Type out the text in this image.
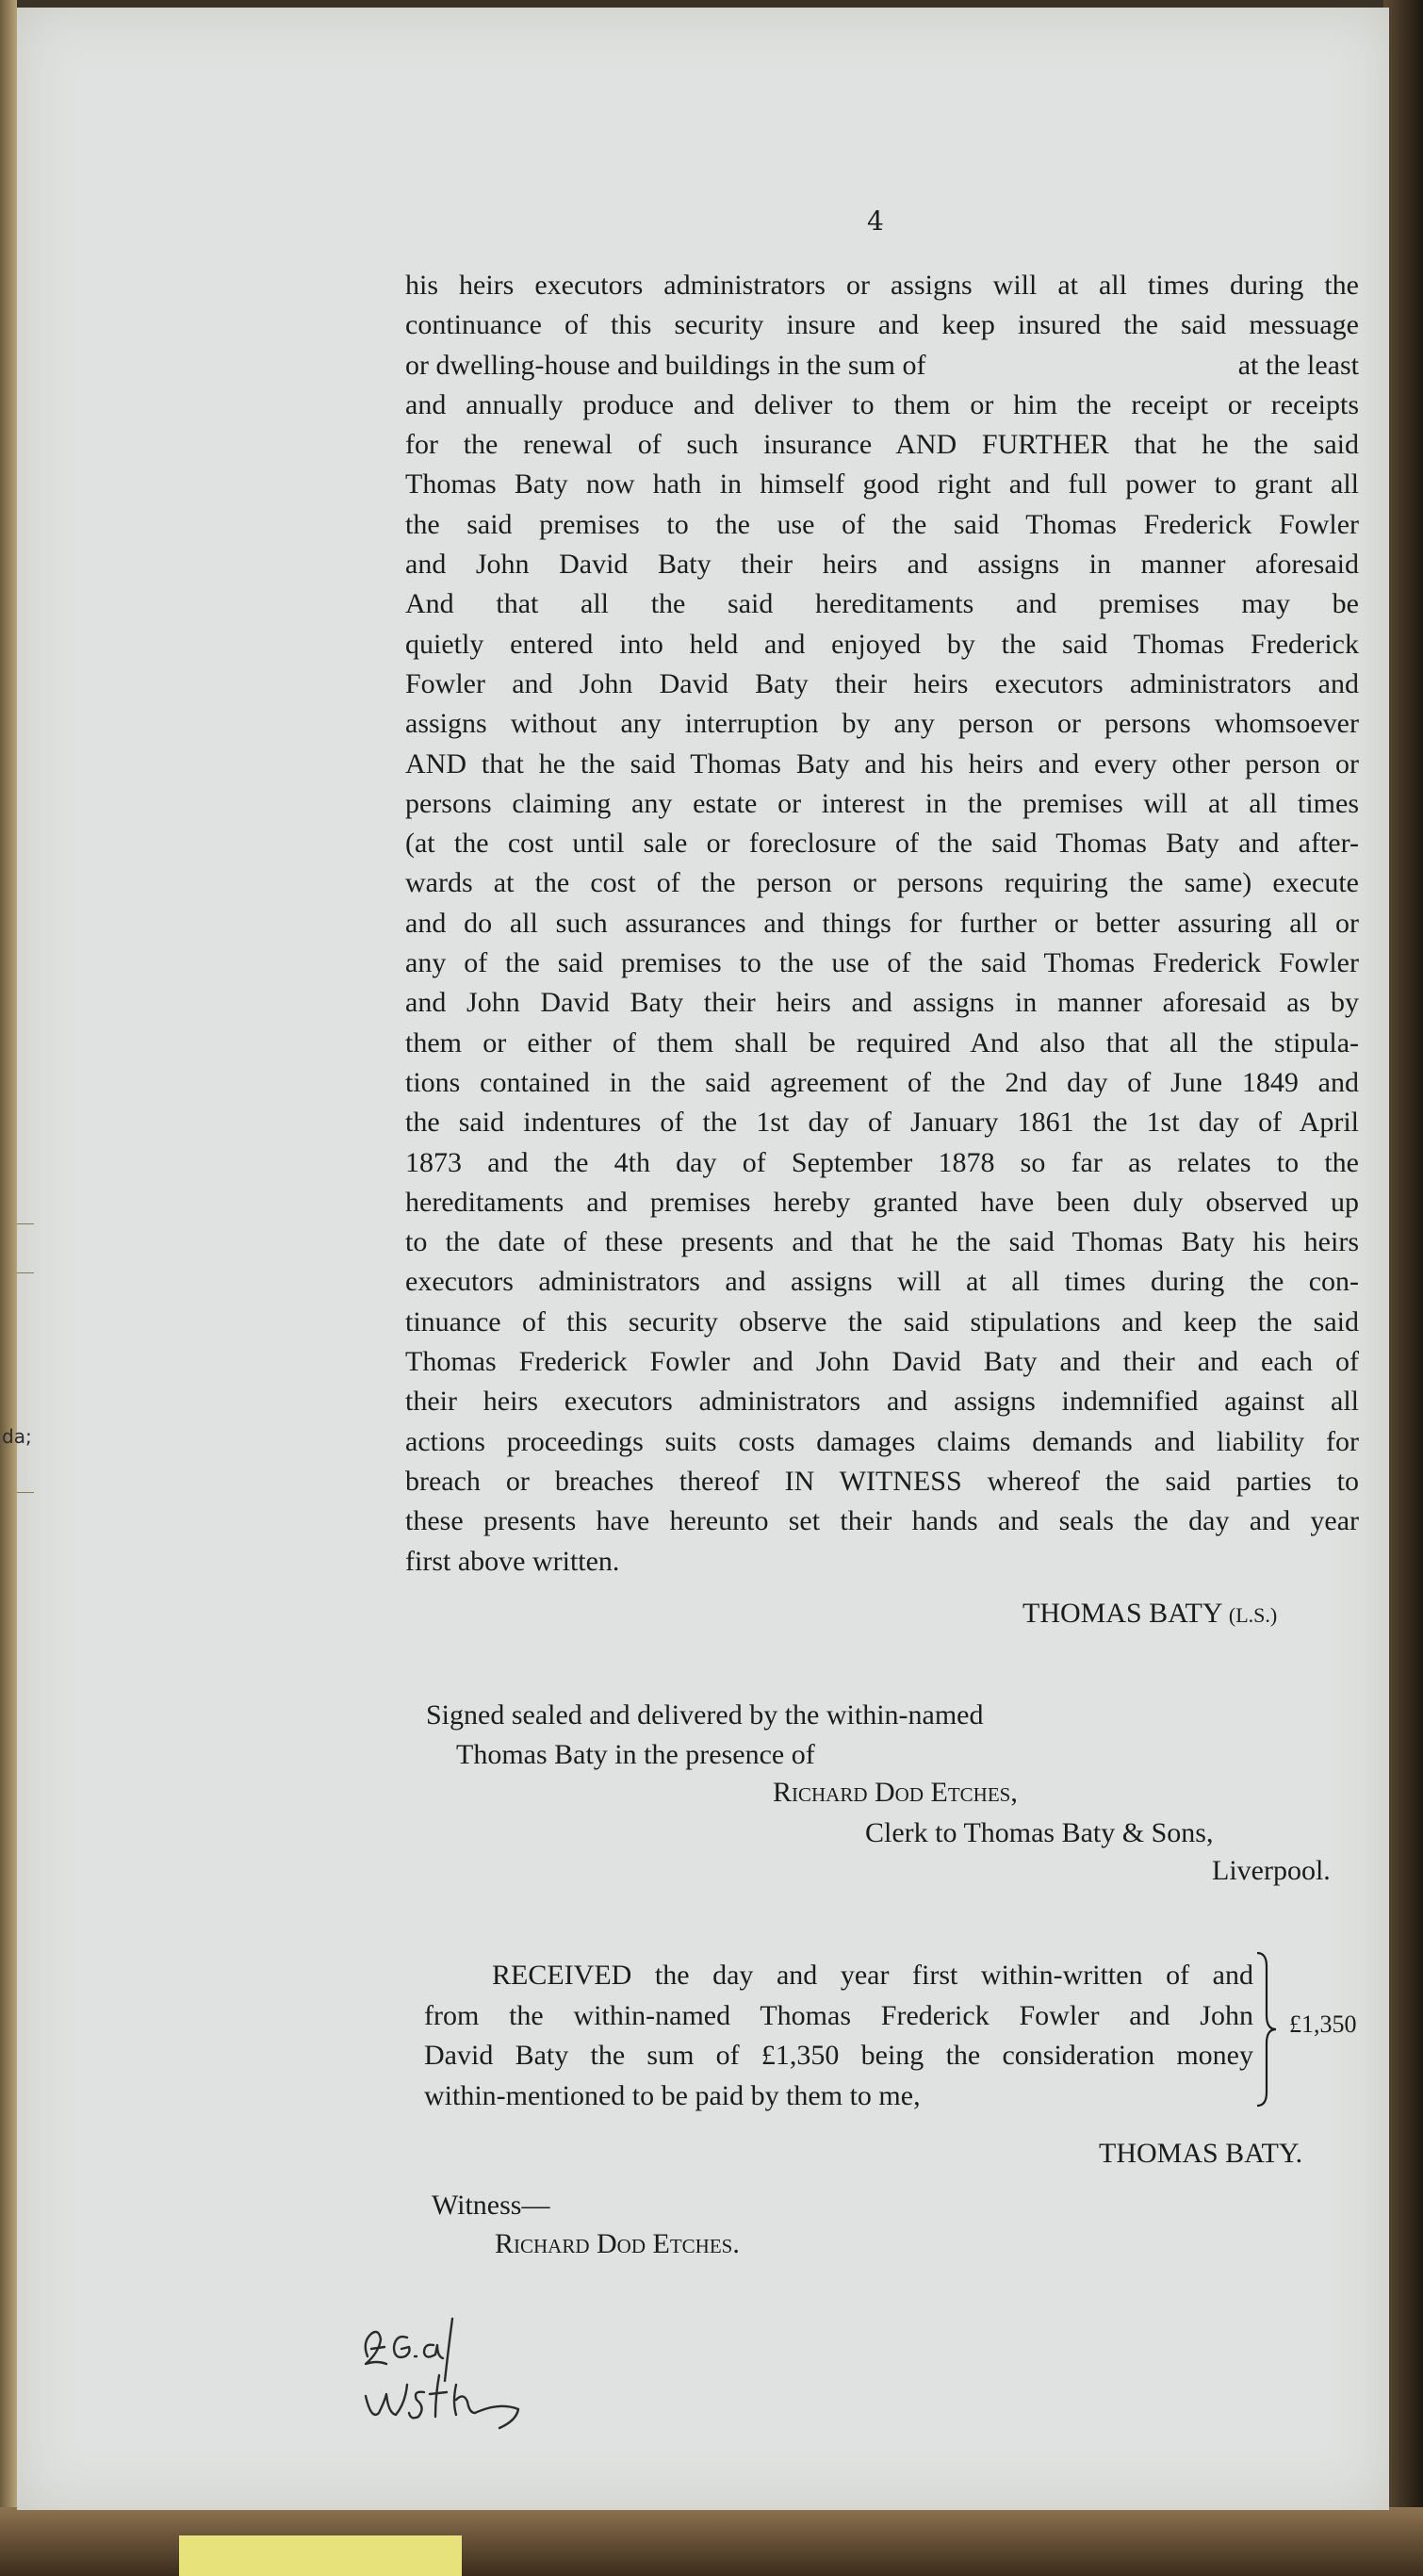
da;
4
his heirs executors administrators or assigns will at all times during the
continuance of this security insure and keep insured the said messuage
or dwelling-house and buildings in the sum of	at the least
and annually produce and deliver to them or him the receipt or receipts
for the renewal of such insurance AND FURTHER that he the said
Thomas Baty now hath in himself good right and full power to grant all
the said premises to the use of the said Thomas Frederick Fowler
and John David Baty their heirs and assigns in manner aforesaid
And that all the said hereditaments and premises may be
quietly entered into held and enjoyed by the said Thomas Frederick
Fowler and John David Baty their heirs executors administrators and
assigns without any interruption by any person or persons whomsoever
AND that he the said Thomas Baty and his heirs and every other person or
persons claiming any estate or interest in the premises will at all times
(at the cost until sale or foreclosure of the said Thomas Baty and after-
wards at the cost of the person or persons requiring the same) execute
and do all such assurances and things for further or better assuring all or
any of the said premises to the use of the said Thomas Frederick Fowler
and John David Baty their heirs and assigns in manner aforesaid as by
them or either of them shall be required And also that all the stipula-
tions contained in the said agreement of the 2nd day of June 1849 and
the said indentures of the 1st day of January 1861 the 1st day of April
1873 and the 4th day of September 1878 so far as relates to the
hereditaments and premises hereby granted have been duly observed up
to the date of these presents and that he the said Thomas Baty his heirs
executors administrators and assigns will at all times during the con-
tinuance of this security observe the said stipulations and keep the said
Thomas Frederick Fowler and John David Baty and their and each of
their heirs executors administrators and assigns indemnified against all
actions proceedings suits costs damages claims demands and liability for
breach or breaches thereof IN WITNESS whereof the said parties to
these presents have hereunto set their hands and seals the day and year
first above written.
THOMAS BATY (L.S.)
Signed sealed and delivered by the within-named
Thomas Baty in the presence of
Richard Dod Etches,
Clerk to Thomas Baty & Sons,
Liverpool.
RECEIVED the day and year first within-written of and
from the within-named Thomas Frederick Fowler and John
David Baty the sum of £1,350 being the consideration money
within-mentioned to be paid by them to me,
£1,350
THOMAS BATY.
Witness—
Richard Dod Etches.
